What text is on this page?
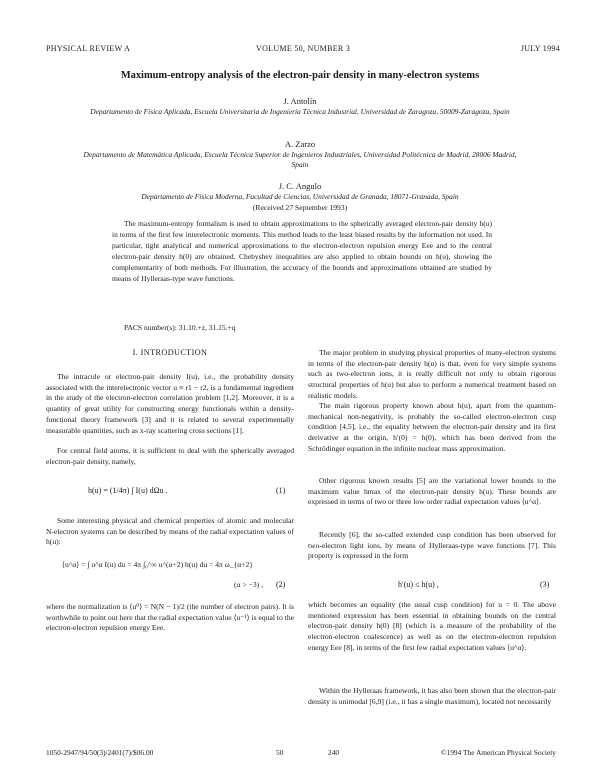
PHYSICAL REVIEW A	VOLUME 50, NUMBER 3	JULY 1994
Maximum-entropy analysis of the electron-pair density in many-electron systems
J. Antolín
Departamento de Física Aplicada, Escuela Universitaria de Ingeniería Técnica Industrial, Universidad de Zaragoza, 50009-Zaragoza, Spain
A. Zarzo
Departamento de Matemática Aplicada, Escuela Técnica Superior de Ingenieros Industriales, Universidad Politécnica de Madrid, 28006 Madrid, Spain
J. C. Angulo
Departamento de Física Moderna, Facultad de Ciencias, Universidad de Granada, 18071-Granada, Spain
(Received 27 September 1993)
The maximum-entropy formalism is used to obtain approximations to the spherically averaged electron-pair density h(u) in terms of the first few interelectronic moments. This method leads to the least biased results by the information not used. In particular, tight analytical and numerical approximations to the electron-electron repulsion energy Eee and to the central electron-pair density h(0) are obtained. Chebyshev inequalities are also applied to obtain bounds on h(u), showing the complementarity of both methods. For illustration, the accuracy of the bounds and approximations obtained are studied by means of Hylleraas-type wave functions.
PACS number(s): 31.10.+z, 31.15.+q
I. INTRODUCTION

The intracule or electron-pair density I(u), i.e., the probability density associated with the interelectronic vector u ≡ r1 − r2, is a fundamental ingredient in the study of the electron-electron correlation problem [1,2]. Moreover, it is a quantity of great utility for constructing energy functionals within a density-functional theory framework [3] and it is related to several experimentally measurable quantities, such as x-ray scattering cross sections [1].

For central field atoms, it is sufficient to deal with the spherically averaged electron-pair density, namely,

h(u) = (1/4π) ∫ I(u) dΩu .	(1)

Some interesting physical and chemical properties of atomic and molecular N-electron systems can be described by means of the radial expectation values of h(u):

⟨u^α⟩ = ∫ u^α I(u) du = 4π ∫₀^∞ u^(α+2) h(u) du = 4π ω_{α+2}
(α > −3) , (2)

where the normalization is ⟨u⁰⟩ = N(N − 1)/2 (the number of electron pairs). It is worthwhile to point out here that the radial expectation value ⟨u⁻¹⟩ is equal to the electron-electron repulsion energy Eee.

The major problem in studying physical properties of many-electron systems in terms of the electron-pair density h(u) is that, even for very simple systems such as two-electron ions, it is really difficult not only to obtain rigorous structural properties of h(u) but also to perform a numerical treatment based on realistic models.

The main rigorous property known about h(u), apart from the quantum-mechanical non-negativity, is probably the so-called electron-electron cusp condition [4,5], i.e., the equality between the electron-pair density and its first derivative at the origin, h′(0) = h(0), which has been derived from the Schrödinger equation in the infinite nuclear mass approximation.

Other rigorous known results [5] are the variational lower bounds to the maximum value hmax of the electron-pair density h(u). These bounds are expressed in terms of two or three low order radial expectation values ⟨u^α⟩.

Recently [6], the so-called extended cusp condition has been observed for two-electron light ions, by means of Hylleraas-type wave functions [7]. This property is expressed in the form

h′(u) ≤ h(u) ,	(3)

which becomes an equality (the usual cusp condition) for u = 0. The above mentioned expression has been essential in obtaining bounds on the central electron-pair density h(0) [8] (which is a measure of the probability of the electron-electron coalescence) as well as on the electron-electron repulsion energy Eee [8], in terms of the first few radial expectation values ⟨u^α⟩.

Within the Hylleraas framework, it has also been shown that the electron-pair density is unimodal [6,9] (i.e., it has a single maximum), located not necessarily

1050-2947/94/50(3)/2401(7)/$06.00	50	240	©1994 The American Physical Society
